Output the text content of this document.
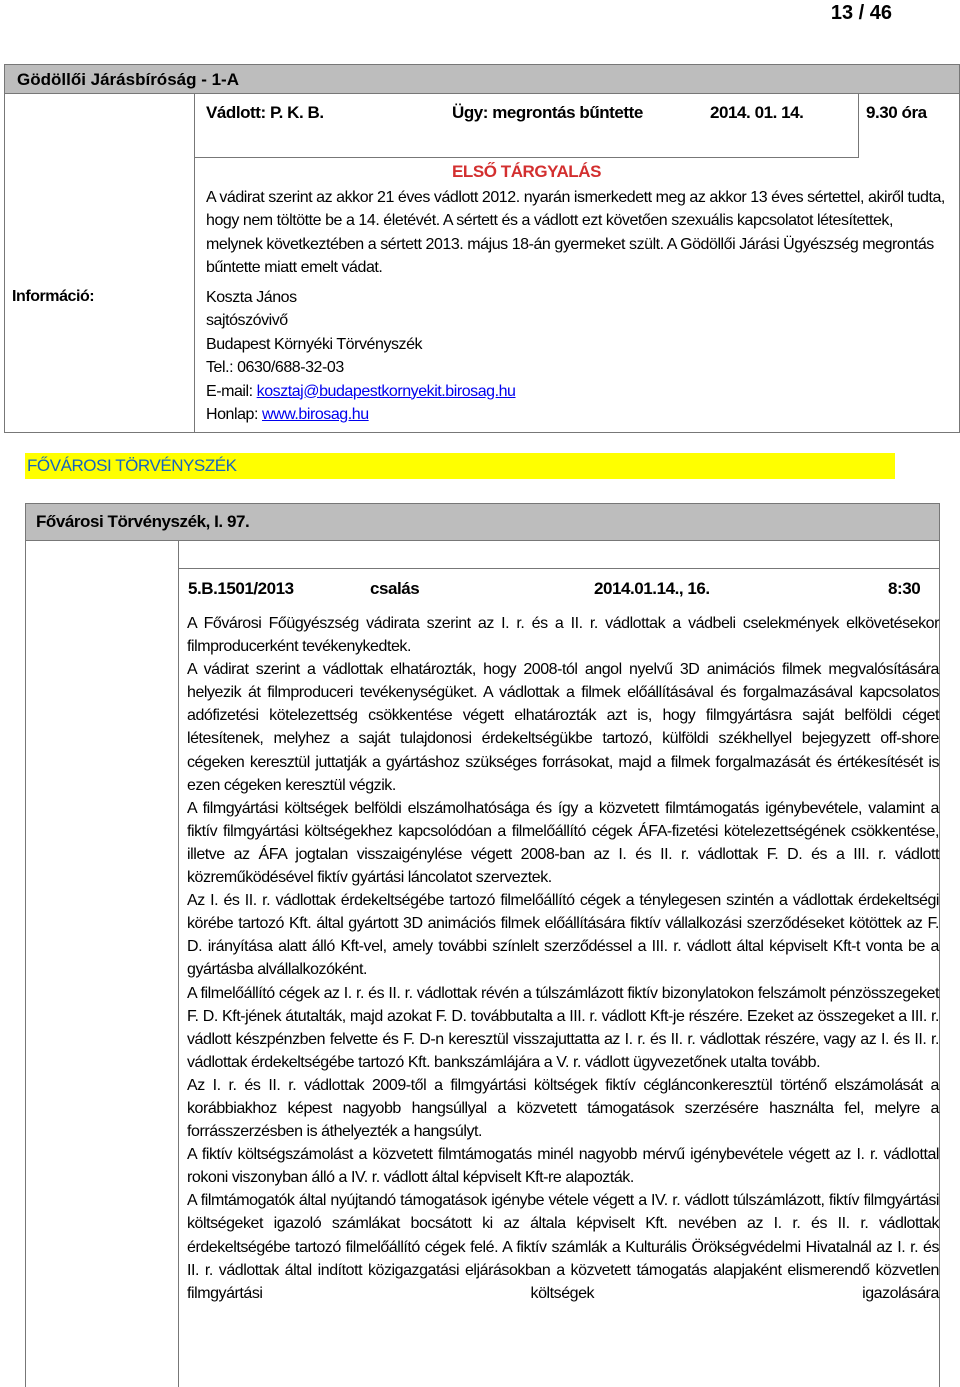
13 / 46
Gödöllői Járásbíróság - 1-A
Információ:
Vádlott: P. K. B.	Ügy: megrontás bűntette	2014. 01. 14.	9.30 óra
ELSŐ TÁRGYALÁS
A vádirat szerint az akkor 21 éves vádlott 2012. nyarán ismerkedett meg az akkor 13 éves sértettel, akiről tudta, hogy nem töltötte be a 14. életévét. A sértett és a vádlott ezt követően szexuális kapcsolatot létesítettek, melynek következtében a sértett 2013. május 18-án gyermeket szült. A Gödöllői Járási Ügyészség megrontás bűntette miatt emelt vádat.
Koszta János
sajtószóvivő
Budapest Környéki Törvényszék
Tel.: 0630/688-32-03
E-mail: kosztaj@budapestkornyekit.birosag.hu
Honlap: www.birosag.hu
FŐVÁROSI TÖRVÉNYSZÉK
Fővárosi Törvényszék, I. 97.
5.B.1501/2013	csalás	2014.01.14., 16.	8:30

A Fővárosi Főügyészség vádirata szerint az I. r. és a II. r. vádlottak a vádbeli cselekmények elkövetésekor filmproducerként tevékenykedtek.

A vádirat szerint a vádlottak elhatározták, hogy 2008-tól angol nyelvű 3D animációs filmek megvalósítására helyezik át filmproduceri tevékenységüket. A vádlottak a filmek előállításával és forgalmazásával kapcsolatos adófizetési kötelezettség csökkentése végett elhatározták azt is, hogy filmgyártásra saját belföldi céget létesítenek, melyhez a saját tulajdonosi érdekeltségükbe tartozó, külföldi székhellyel bejegyzett off-shore cégeken keresztül juttatják a gyártáshoz szükséges forrásokat, majd a filmek forgalmazását és értékesítését is ezen cégeken keresztül végzik.

A filmgyártási költségek belföldi elszámolhatósága és így a közvetett filmtámogatás igénybevétele, valamint a fiktív filmgyártási költségekhez kapcsolódóan a filmelőállító cégek ÁFA-fizetési kötelezettségének csökkentése, illetve az ÁFA jogtalan visszaigénylése végett 2008-ban az I. és II. r. vádlottak F. D. és a III. r. vádlott közreműködésével fiktív gyártási láncolatot szerveztek.

Az I. és II. r. vádlottak érdekeltségébe tartozó filmelőállító cégek a ténylegesen szintén a vádlottak érdekeltségi körébe tartozó Kft. által gyártott 3D animációs filmek előállítására fiktív vállalkozási szerződéseket kötöttek az F. D. irányítása alatt álló Kft-vel, amely további színlelt szerződéssel a III. r. vádlott által képviselt Kft-t vonta be a gyártásba alvállalkozóként.

A filmelőállító cégek az I. r. és II. r. vádlottak révén a túlszámlázott fiktív bizonylatokon felszámolt pénzösszegeket F. D. Kft-jének átutalták, majd azokat F. D. továbbutalta a III. r. vádlott Kft-je részére. Ezeket az összegeket a III. r. vádlott készpénzben felvette és F. D-n keresztül visszajuttatta az I. r. és II. r. vádlottak részére, vagy az I. és II. r. vádlottak érdekeltségébe tartozó Kft. bankszámlájára a V. r. vádlott ügyvezetőnek utalta tovább.

Az I. r. és II. r. vádlottak 2009-től a filmgyártási költségek fiktív céglánconkeresztül történő elszámolását a korábbiakhoz képest nagyobb hangsúllyal a közvetett támogatások szerzésére használta fel, melyre a forrásszerzésben is áthelyezték a hangsúlyt.

A fiktív költségszámolást a közvetett filmtámogatás minél nagyobb mérvű igénybevétele végett az I. r. vádlottal rokoni viszonyban álló a IV. r. vádlott által képviselt Kft-re alapozták.

A filmtámogatók által nyújtandó támogatások igénybe vétele végett a IV. r. vádlott túlszámlázott, fiktív filmgyártási költségeket igazoló számlákat bocsátott ki az általa képviselt Kft. nevében az I. r. és II. r. vádlottak érdekeltségébe tartozó filmelőállító cégek felé. A fiktív számlák a Kulturális Örökségvédelmi Hivatalnál az I. r. és II. r. vádlottak által indított közigazgatási eljárásokban a közvetett támogatás alapjaként elismerendő közvetlen filmgyártási költségek igazolására
